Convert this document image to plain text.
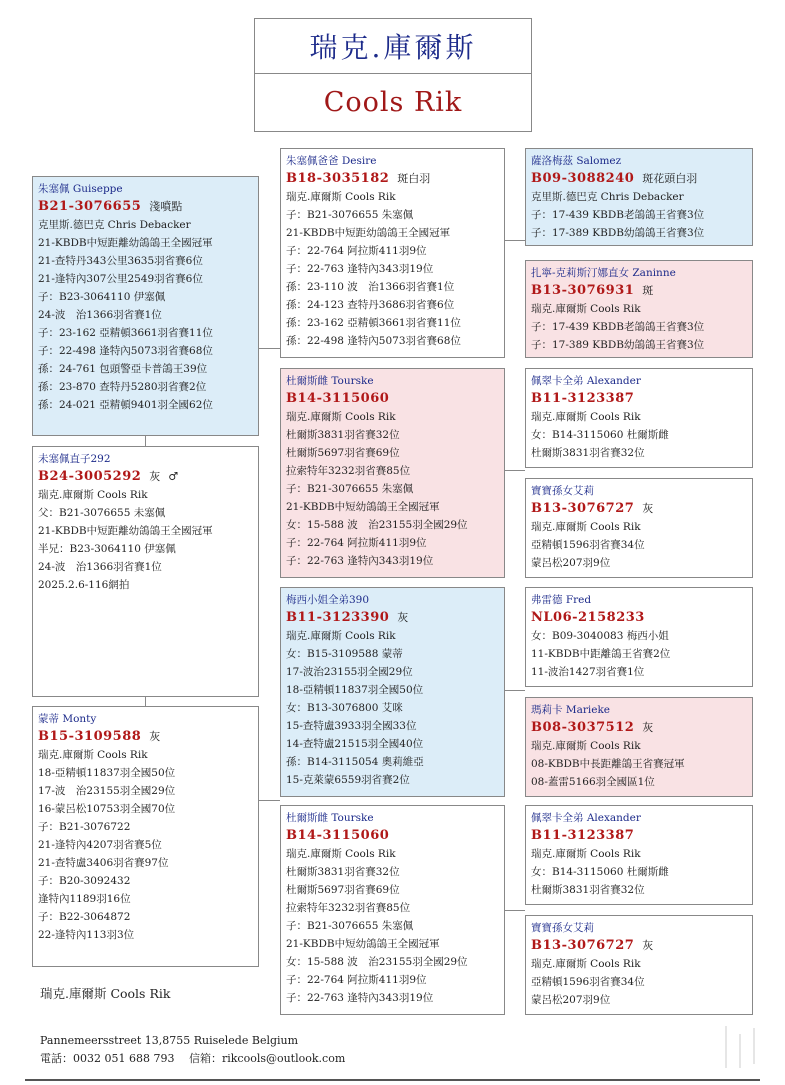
瑞克.庫爾斯
Cools Rik
未塞佩直子292
B24-3005292 灰 ♂
瑞克.庫爾斯 Cools Rik
父：B21-3076655 未塞佩
21-KBDB中短距離幼鴿鴿王全國冠軍
半兄：B23-3064110 伊塞佩
24-波　治1366羽省賽1位
2025.2.6-116網拍
朱塞佩 Guiseppe
B21-3076655 淺噴點
克里斯.德巴克 Chris Debacker
21-KBDB中短距離幼鴿鴿王全國冠軍
21-查特丹343公里3635羽省賽6位
21-逢特內307公里2549羽省賽6位
子：B23-3064110 伊塞佩
24-波　治1366羽省賽1位
子：23-162 亞精頓3661羽省賽11位
子：22-498 逢特內5073羽省賽68位
孫：24-761 包頭警亞卡普鴿王39位
孫：23-870 查特丹5280羽省賽2位
孫：24-021 亞精頓9401羽全國62位
蒙蒂 Monty
B15-3109588 灰
瑞克.庫爾斯 Cools Rik
18-亞精頓11837羽全國50位
17-波　治23155羽全國29位
16-蒙呂松10753羽全國70位
子：B21-3076722
21-逢特內4207羽省賽5位
21-查特盧3406羽省賽97位
子：B20-3092432
逢特內1189羽16位
子：B22-3064872
22-逢特內113羽3位
朱塞佩爸爸 Desire
B18-3035182 斑白羽
瑞克.庫爾斯 Cools Rik
子：B21-3076655 朱塞佩
21-KBDB中短距幼鴿鴿王全國冠軍
子：22-764 阿拉斯411羽9位
子：22-763 逢特內343羽19位
孫：23-110 波　治1366羽省賽1位
孫：24-123 查特丹3686羽省賽6位
孫：23-162 亞精頓3661羽省賽11位
孫：22-498 逢特內5073羽省賽68位
杜爾斯雌 Tourske
B14-3115060
瑞克.庫爾斯 Cools Rik
杜爾斯3831羽省賽32位
杜爾斯5697羽省賽69位
拉索特年3232羽省賽85位
子：B21-3076655 朱塞佩
21-KBDB中短幼鴿鴿王全國冠軍
女：15-588 波　治23155羽全國29位
子：22-764 阿拉斯411羽9位
子：22-763 逢特內343羽19位
梅西小姐全弟390
B11-3123390 灰
瑞克.庫爾斯 Cools Rik
女：B15-3109588 蒙蒂
17-波治23155羽全國29位
18-亞精頓11837羽全國50位
女：B13-3076800 艾咪
15-查特盧3933羽全國33位
14-查特盧21515羽全國40位
孫：B14-3115054 奧莉維亞
15-克萊蒙6559羽省賽2位
杜爾斯雌 Tourske
B14-3115060
瑞克.庫爾斯 Cools Rik
杜爾斯3831羽省賽32位
杜爾斯5697羽省賽69位
拉索特年3232羽省賽85位
子：B21-3076655 朱塞佩
21-KBDB中短幼鴿鴿王全國冠軍
女：15-588 波　治23155羽全國29位
子：22-764 阿拉斯411羽9位
子：22-763 逢特內343羽19位
薩洛梅茲 Salomez
B09-3088240 斑花頭白羽
克里斯.德巴克 Chris Debacker
子：17-439 KBDB老鴿鴿王省賽3位
子：17-389 KBDB幼鴿鴿王省賽3位
扎寧-克莉斯汀娜直女 Zaninne
B13-3076931 斑
瑞克.庫爾斯 Cools Rik
子：17-439 KBDB老鴿鴿王省賽3位
子：17-389 KBDB幼鴿鴿王省賽3位
佩翠卡全弟 Alexander
B11-3123387
瑞克.庫爾斯 Cools Rik
女：B14-3115060 杜爾斯雌
杜爾斯3831羽省賽32位
寶寶孫女艾莉
B13-3076727 灰
瑞克.庫爾斯 Cools Rik
亞精頓1596羽省賽34位
蒙呂松207羽9位
弗雷德 Fred
NL06-2158233
女：B09-3040083 梅西小姐
11-KBDB中距離鴿王省賽2位
11-波治1427羽省賽1位
瑪莉卡 Marieke
B08-3037512 灰
瑞克.庫爾斯 Cools Rik
08-KBDB中長距離鴿王省賽冠軍
08-蓋雷5166羽全國區1位
佩翠卡全弟 Alexander
B11-3123387
瑞克.庫爾斯 Cools Rik
女：B14-3115060 杜爾斯雌
杜爾斯3831羽省賽32位
寶寶孫女艾莉
B13-3076727 灰
瑞克.庫爾斯 Cools Rik
亞精頓1596羽省賽34位
蒙呂松207羽9位
瑞克.庫爾斯 Cools Rik
Pannemeersstreet 13,8755 Ruiselede Belgium
電話：0032 051 688 793　 信箱：rikcools@outlook.com
